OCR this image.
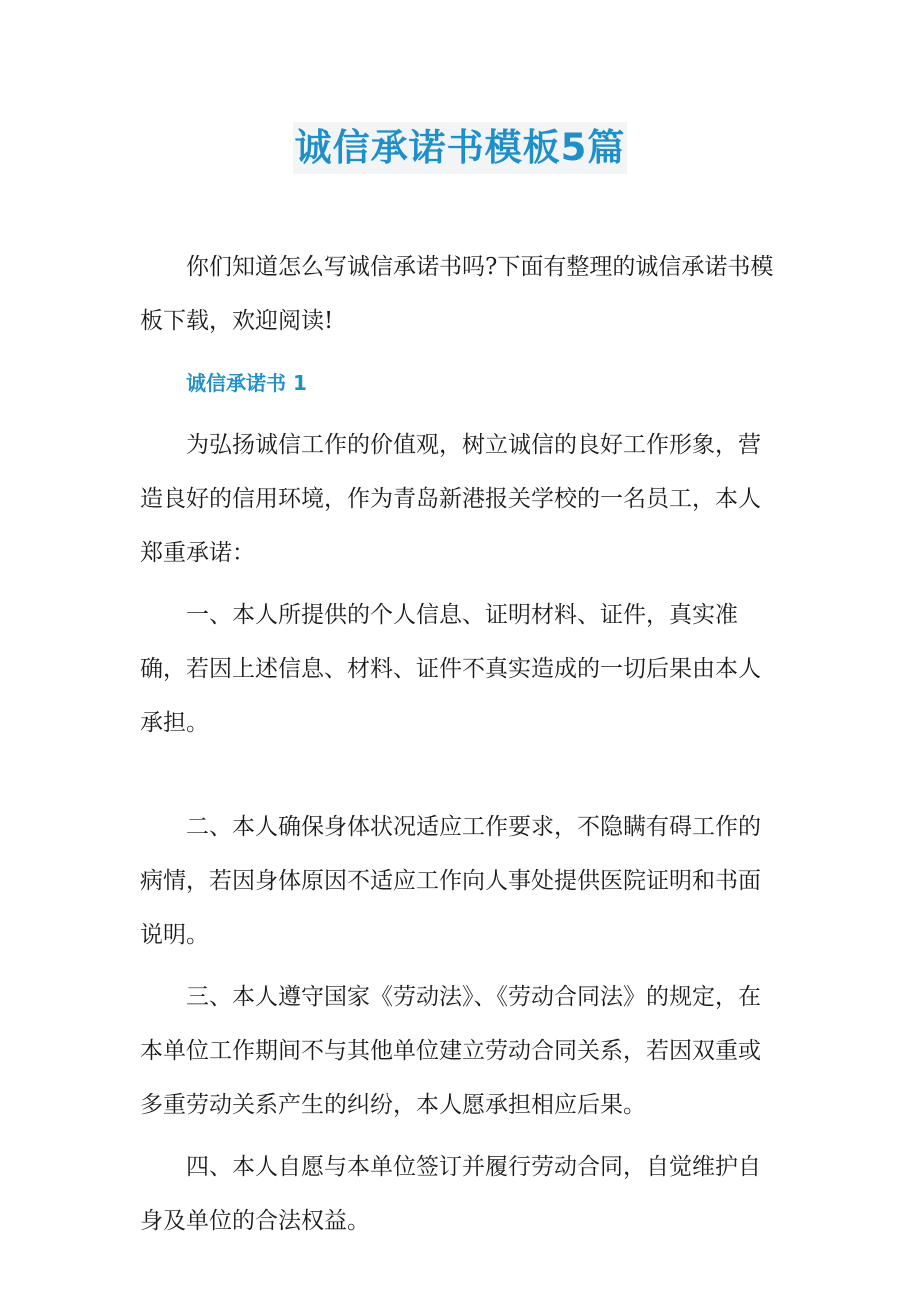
诚信承诺书模板5篇

你们知道怎么写诚信承诺书吗?下面有整理的诚信承诺书模板下载，欢迎阅读!

诚信承诺书 1

为弘扬诚信工作的价值观，树立诚信的良好工作形象，营造良好的信用环境，作为青岛新港报关学校的一名员工，本人郑重承诺：

一、本人所提供的个人信息、证明材料、证件，真实准确，若因上述信息、材料、证件不真实造成的一切后果由本人承担。

二、本人确保身体状况适应工作要求，不隐瞒有碍工作的病情，若因身体原因不适应工作向人事处提供医院证明和书面说明。

三、本人遵守国家《劳动法》、《劳动合同法》的规定，在本单位工作期间不与其他单位建立劳动合同关系，若因双重或多重劳动关系产生的纠纷，本人愿承担相应后果。

四、本人自愿与本单位签订并履行劳动合同，自觉维护自身及单位的合法权益。
